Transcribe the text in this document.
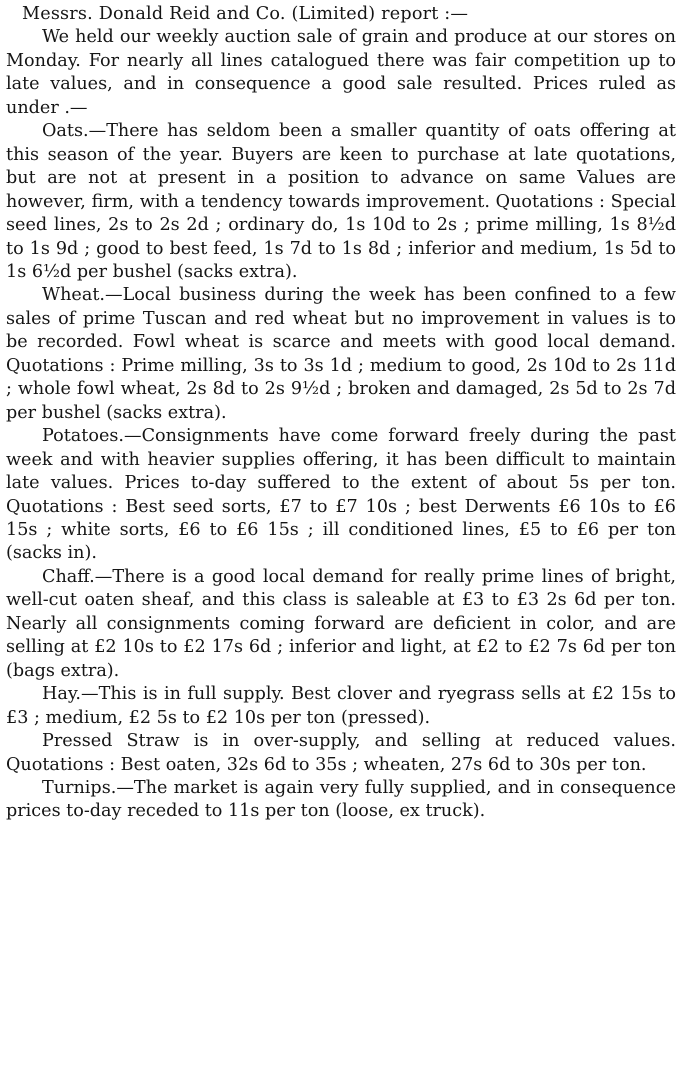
Messrs. Donald Reid and Co. (Limited) report :—

We held our weekly auction sale of grain and produce at our stores on Monday. For nearly all lines catalogued there was fair competition up to late values, and in consequence a good sale resulted. Prices ruled as under .—

Oats.—There has seldom been a smaller quantity of oats offering at this season of the year. Buyers are keen to purchase at late quotations, but are not at present in a position to advance on same Values are however, firm, with a tendency towards improvement. Quotations : Special seed lines, 2s to 2s 2d ; ordinary do, 1s 10d to 2s ; prime milling, 1s 8½d to 1s 9d ; good to best feed, 1s 7d to 1s 8d ; inferior and medium, 1s 5d to 1s 6½d per bushel (sacks extra).

Wheat.—Local business during the week has been confined to a few sales of prime Tuscan and red wheat but no improvement in values is to be recorded. Fowl wheat is scarce and meets with good local demand. Quotations : Prime milling, 3s to 3s 1d ; medium to good, 2s 10d to 2s 11d ; whole fowl wheat, 2s 8d to 2s 9½d ; broken and damaged, 2s 5d to 2s 7d per bushel (sacks extra).

Potatoes.—Consignments have come forward freely during the past week and with heavier supplies offering, it has been difficult to maintain late values. Prices to-day suffered to the extent of about 5s per ton. Quotations : Best seed sorts, £7 to £7 10s ; best Derwents £6 10s to £6 15s ; white sorts, £6 to £6 15s ; ill conditioned lines, £5 to £6 per ton (sacks in).

Chaff.—There is a good local demand for really prime lines of bright, well-cut oaten sheaf, and this class is saleable at £3 to £3 2s 6d per ton. Nearly all consignments coming forward are deficient in color, and are selling at £2 10s to £2 17s 6d ; inferior and light, at £2 to £2 7s 6d per ton (bags extra).

Hay.—This is in full supply. Best clover and ryegrass sells at £2 15s to £3 ; medium, £2 5s to £2 10s per ton (pressed).

Pressed Straw is in over-supply, and selling at reduced values. Quotations : Best oaten, 32s 6d to 35s ; wheaten, 27s 6d to 30s per ton.

Turnips.—The market is again very fully supplied, and in consequence prices to-day receded to 11s per ton (loose, ex truck).
